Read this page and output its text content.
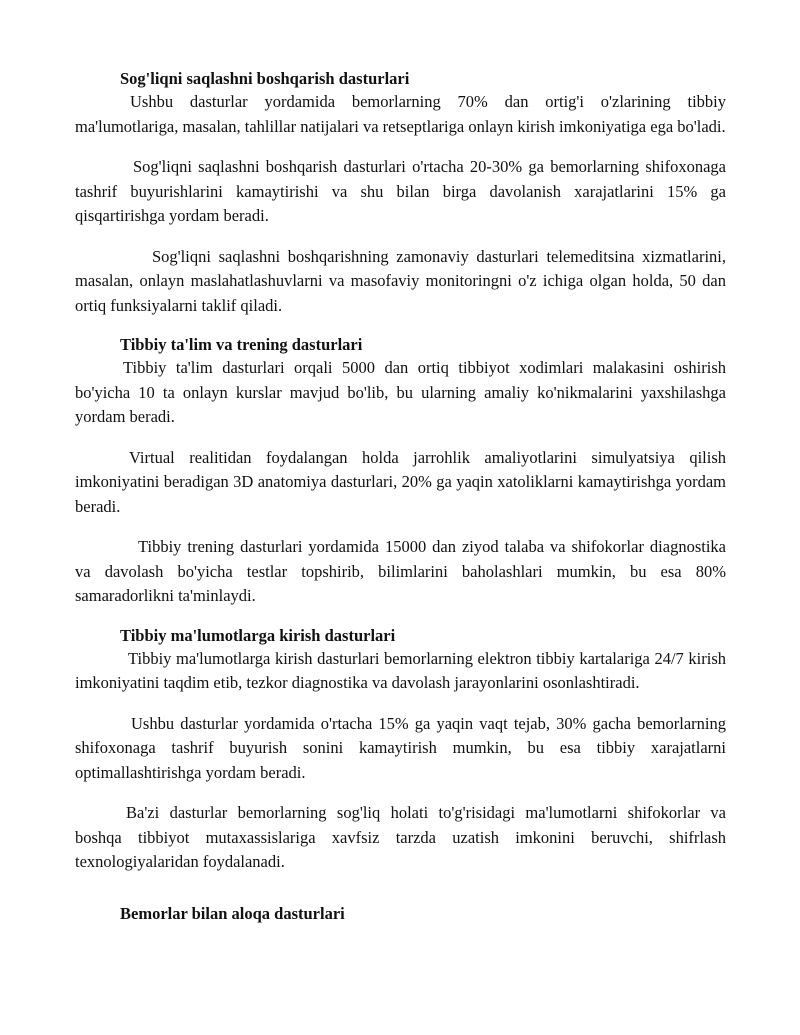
Sog'liqni saqlashni boshqarish dasturlari

Ushbu dasturlar yordamida bemorlarning 70% dan ortig'i o'zlarining tibbiy ma'lumotlariga, masalan, tahlillar natijalari va retseptlariga onlayn kirish imkoniyatiga ega bo'ladi.

Sog'liqni saqlashni boshqarish dasturlari o'rtacha 20-30% ga bemorlarning shifoxonaga tashrif buyurishlarini kamaytirishi va shu bilan birga davolanish xarajatlarini 15% ga qisqartirishga yordam beradi.

Sog'liqni saqlashni boshqarishning zamonaviy dasturlari telemeditsina xizmatlarini, masalan, onlayn maslahatlashuvlarni va masofaviy monitoringni o'z ichiga olgan holda, 50 dan ortiq funksiyalarni taklif qiladi.

Tibbiy ta'lim va trening dasturlari

Tibbiy ta'lim dasturlari orqali 5000 dan ortiq tibbiyot xodimlari malakasini oshirish bo'yicha 10 ta onlayn kurslar mavjud bo'lib, bu ularning amaliy ko'nikmalarini yaxshilashga yordam beradi.

Virtual realitidan foydalangan holda jarrohlik amaliyotlarini simulyatsiya qilish imkoniyatini beradigan 3D anatomiya dasturlari, 20% ga yaqin xatoliklarni kamaytirishga yordam beradi.

Tibbiy trening dasturlari yordamida 15000 dan ziyod talaba va shifokorlar diagnostika va davolash bo'yicha testlar topshirib, bilimlarini baholashlari mumkin, bu esa 80% samaradorlikni ta'minlaydi.

Tibbiy ma'lumotlarga kirish dasturlari

Tibbiy ma'lumotlarga kirish dasturlari bemorlarning elektron tibbiy kartalariga 24/7 kirish imkoniyatini taqdim etib, tezkor diagnostika va davolash jarayonlarini osonlashtiradi.

Ushbu dasturlar yordamida o'rtacha 15% ga yaqin vaqt tejab, 30% gacha bemorlarning shifoxonaga tashrif buyurish sonini kamaytirish mumkin, bu esa tibbiy xarajatlarni optimallashtirishga yordam beradi.

Ba'zi dasturlar bemorlarning sog'liq holati to'g'risidagi ma'lumotlarni shifokorlar va boshqa tibbiyot mutaxassislariga xavfsiz tarzda uzatish imkonini beruvchi, shifrlash texnologiyalaridan foydalanadi.

Bemorlar bilan aloqa dasturlari
